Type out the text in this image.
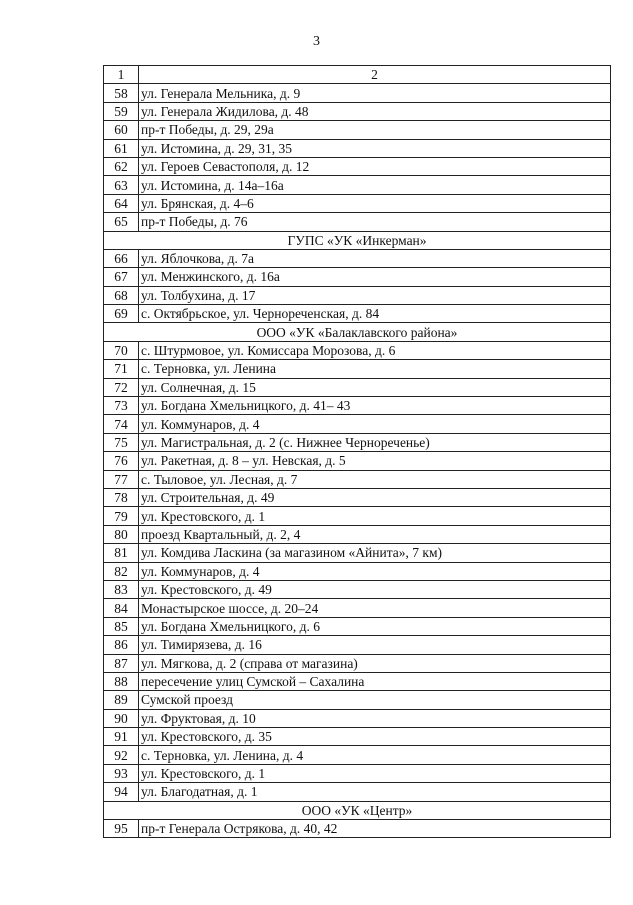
3
1	2
58	ул. Генерала Мельника, д. 9
59	ул. Генерала Жидилова, д. 48
60	пр-т Победы, д. 29, 29а
61	ул. Истомина, д. 29, 31, 35
62	ул. Героев Севастополя, д. 12
63	ул. Истомина, д. 14а–16а
64	ул. Брянская, д. 4–6
65	пр-т Победы, д. 76
ГУПС «УК «Инкерман»	
66	ул. Яблочкова, д. 7а
67	ул. Менжинского, д. 16а
68	ул. Толбухина, д. 17
69	с. Октябрьское, ул. Чернореченская, д. 84
ООО «УК «Балаклавского района»	
70	с. Штурмовое, ул. Комиссара Морозова, д. 6
71	с. Терновка, ул. Ленина
72	ул. Солнечная, д. 15
73	ул. Богдана Хмельницкого, д. 41– 43
74	ул. Коммунаров, д. 4
75	ул. Магистральная, д. 2 (с. Нижнее Чернореченье)
76	ул. Ракетная, д. 8 – ул. Невская, д. 5
77	с. Тыловое, ул. Лесная, д. 7
78	ул. Строительная, д. 49
79	ул. Крестовского, д. 1
80	проезд Квартальный, д. 2, 4
81	ул. Комдива Ласкина (за магазином «Айнита», 7 км)
82	ул. Коммунаров, д. 4
83	ул. Крестовского, д. 49
84	Монастырское шоссе, д. 20–24
85	ул. Богдана Хмельницкого, д. 6
86	ул. Тимирязева, д. 16
87	ул. Мягкова, д. 2 (справа от магазина)
88	пересечение улиц Сумской – Сахалина
89	Сумской проезд
90	ул. Фруктовая, д. 10
91	ул. Крестовского, д. 35
92	с. Терновка, ул. Ленина, д. 4
93	ул. Крестовского, д. 1
94	ул. Благодатная, д. 1
ООО «УК «Центр»	
95	пр-т Генерала Острякова, д. 40, 42
